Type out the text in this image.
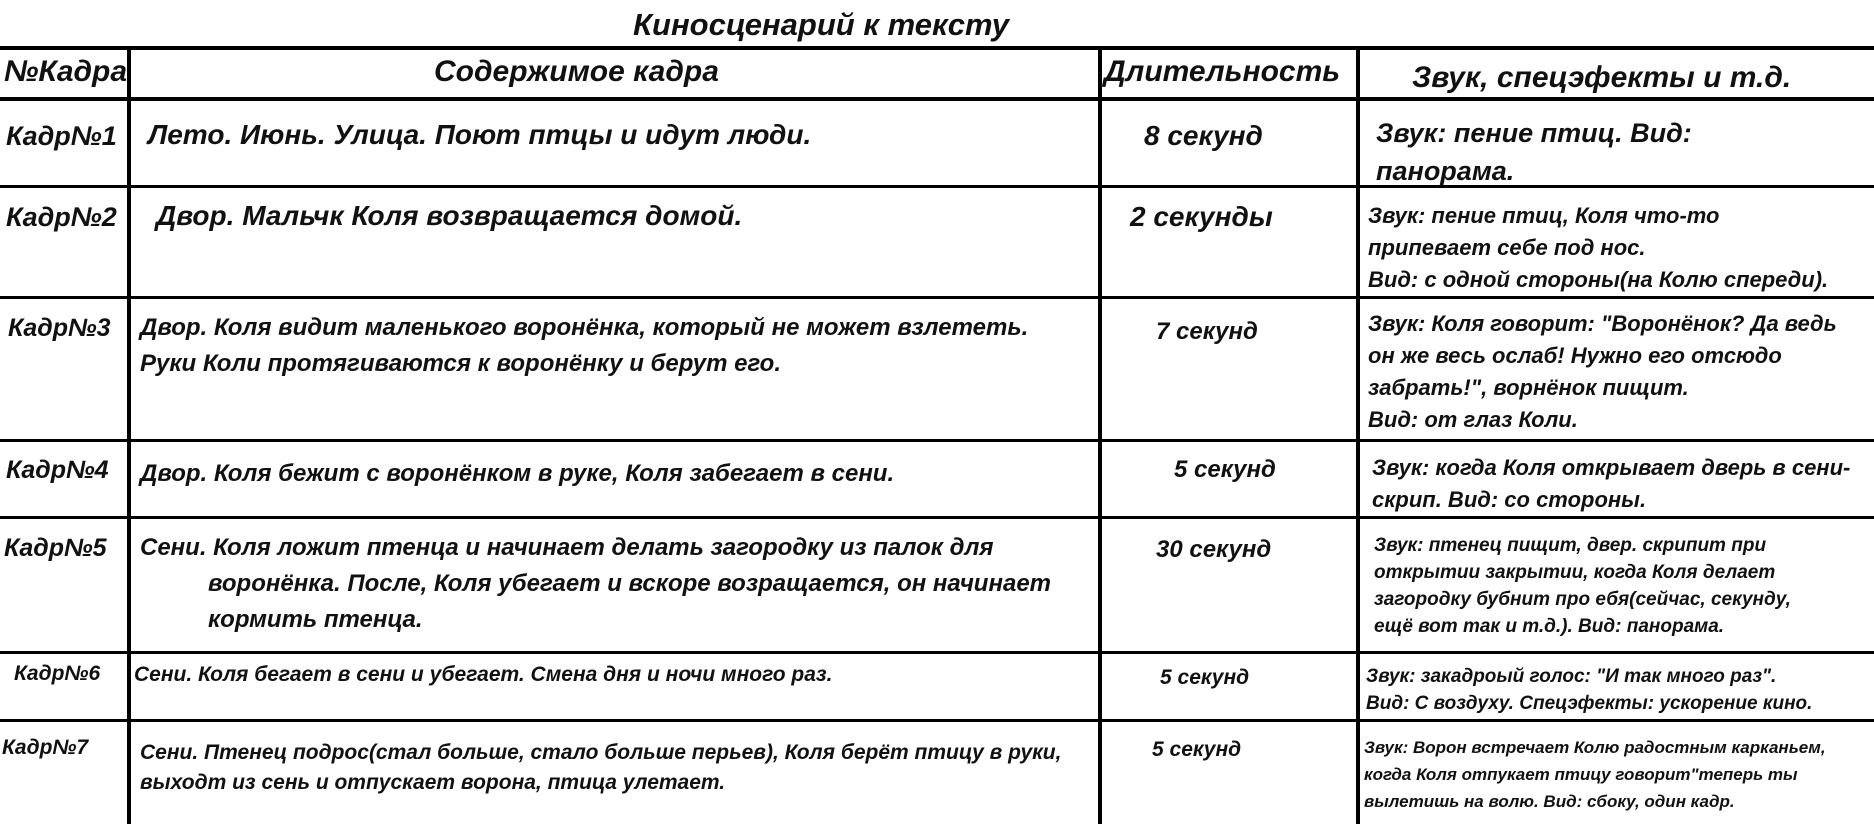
Киносценарий к тексту
№Кадра	Содержимое кадра	Длительность Звук, спецэфекты и т.д.
Кадр№1 Лето. Июнь. Улица. Поют птцы и идут люди.	8 секунд	Звук: пение птиц. Вид:
панорама.
Кадр№2 Двор. Мальчк Коля возвращается домой.	2 секунды	Звук: пение птиц, Коля что-то
припевает себе под нос.
Вид: с одной стороны(на Колю спереди).
Кадр№3 Двор. Коля видит маленького воронёнка, который не может взлететь.
Руки Коли протягиваются к воронёнку и берут его.
7 секунд	Звук: Коля говорит: "Воронёнок? Да ведь
он же весь ослаб! Нужно его отсюдо
забрать!", ворнёнок пищит.
Вид: от глаз Коли.
Кадр№4 Двор. Коля бежит с воронёнком в руке, Коля забегает в сени.	5 секунд	Звук: когда Коля открывает дверь в сени-
скрип. Вид: со стороны.
Кадр№5 Сени. Коля ложит птенца и начинает делать загородку из палок для
воронёнка. После, Коля убегает и вскоре возращается, он начинает
кормить птенца.
30 секунд	Звук: птенец пищит, двер. скрипит при
открытии закрытии, когда Коля делает
загородку бубнит про ебя(сейчас, секунду,
ещё вот так и т.д.). Вид: панорама.
Кадр№6 Сени. Коля бегает в сени и убегает. Смена дня и ночи много раз.	5 секунд	Звук: закадроый голос: "И так много раз".
Вид: С воздуху. Спецэфекты: ускорение кино.
Кадр№7 Сени. Птенец подрос(стал больше, стало больше перьев), Коля берёт птицу в руки,
выходт из сень и отпускает ворона, птица улетает.
5 секунд	Звук: Ворон встречает Колю радостным карканьем,
когда Коля отпукает птицу говорит"теперь ты
вылетишь на волю. Вид: сбоку, один кадр.
